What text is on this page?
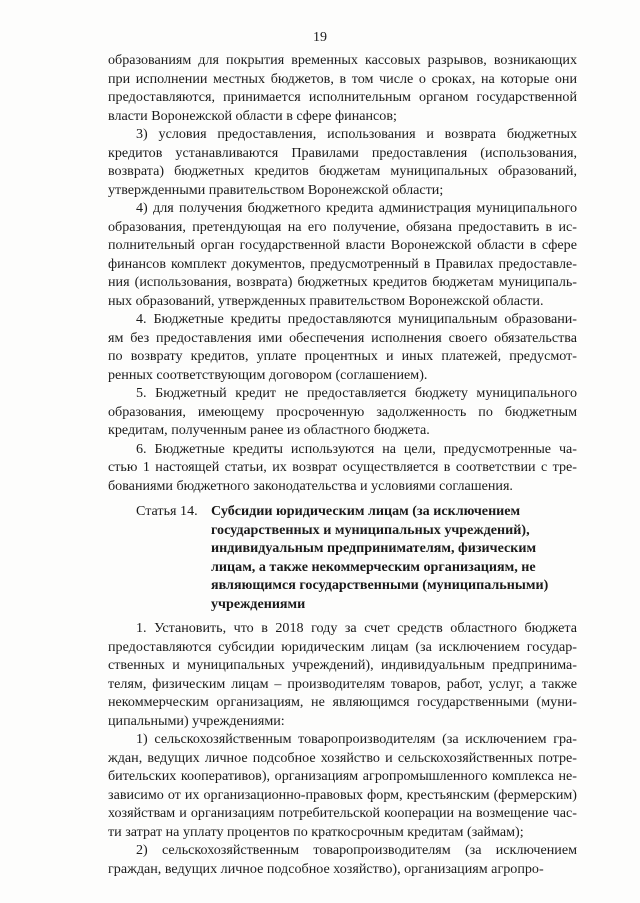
19
образованиям для покрытия временных кассовых разрывов, возникающих
при исполнении местных бюджетов, в том числе о сроках, на которые они
предоставляются, принимается исполнительным органом государственной
власти Воронежской области в сфере финансов;
3) условия предоставления, использования и возврата бюджетных
кредитов устанавливаются Правилами предоставления (использования,
возврата) бюджетных кредитов бюджетам муниципальных образований,
утвержденными правительством Воронежской области;
4) для получения бюджетного кредита администрация муниципального
образования, претендующая на его получение, обязана предоставить в ис-
полнительный орган государственной власти Воронежской области в сфере
финансов комплект документов, предусмотренный в Правилах предоставле-
ния (использования, возврата) бюджетных кредитов бюджетам муниципаль-
ных образований, утвержденных правительством Воронежской области.
4. Бюджетные кредиты предоставляются муниципальным образовани-
ям без предоставления ими обеспечения исполнения своего обязательства
по возврату кредитов, уплате процентных и иных платежей, предусмот-
ренных соответствующим договором (соглашением).
5. Бюджетный кредит не предоставляется бюджету муниципального
образования, имеющему просроченную задолженность по бюджетным
кредитам, полученным ранее из областного бюджета.
6. Бюджетные кредиты используются на цели, предусмотренные ча-
стью 1 настоящей статьи, их возврат осуществляется в соответствии с тре-
бованиями бюджетного законодательства и условиями соглашения.
Статья 14. Субсидии юридическим лицам (за исключением
государственных и муниципальных учреждений),
индивидуальным предпринимателям, физическим
лицам, а также некоммерческим организациям, не
являющимся государственными (муниципальными)
учреждениями
1. Установить, что в 2018 году за счет средств областного бюджета
предоставляются субсидии юридическим лицам (за исключением государ-
ственных и муниципальных учреждений), индивидуальным предпринима-
телям, физическим лицам – производителям товаров, работ, услуг, а также
некоммерческим организациям, не являющимся государственными (муни-
ципальными) учреждениями:
1) сельскохозяйственным товаропроизводителям (за исключением гра-
ждан, ведущих личное подсобное хозяйство и сельскохозяйственных потре-
бительских кооперативов), организациям агропромышленного комплекса не-
зависимо от их организационно-правовых форм, крестьянским (фермерским)
хозяйствам и организациям потребительской кооперации на возмещение час-
ти затрат на уплату процентов по краткосрочным кредитам (займам);
2) сельскохозяйственным товаропроизводителям (за исключением
граждан, ведущих личное подсобное хозяйство), организациям агропро-
